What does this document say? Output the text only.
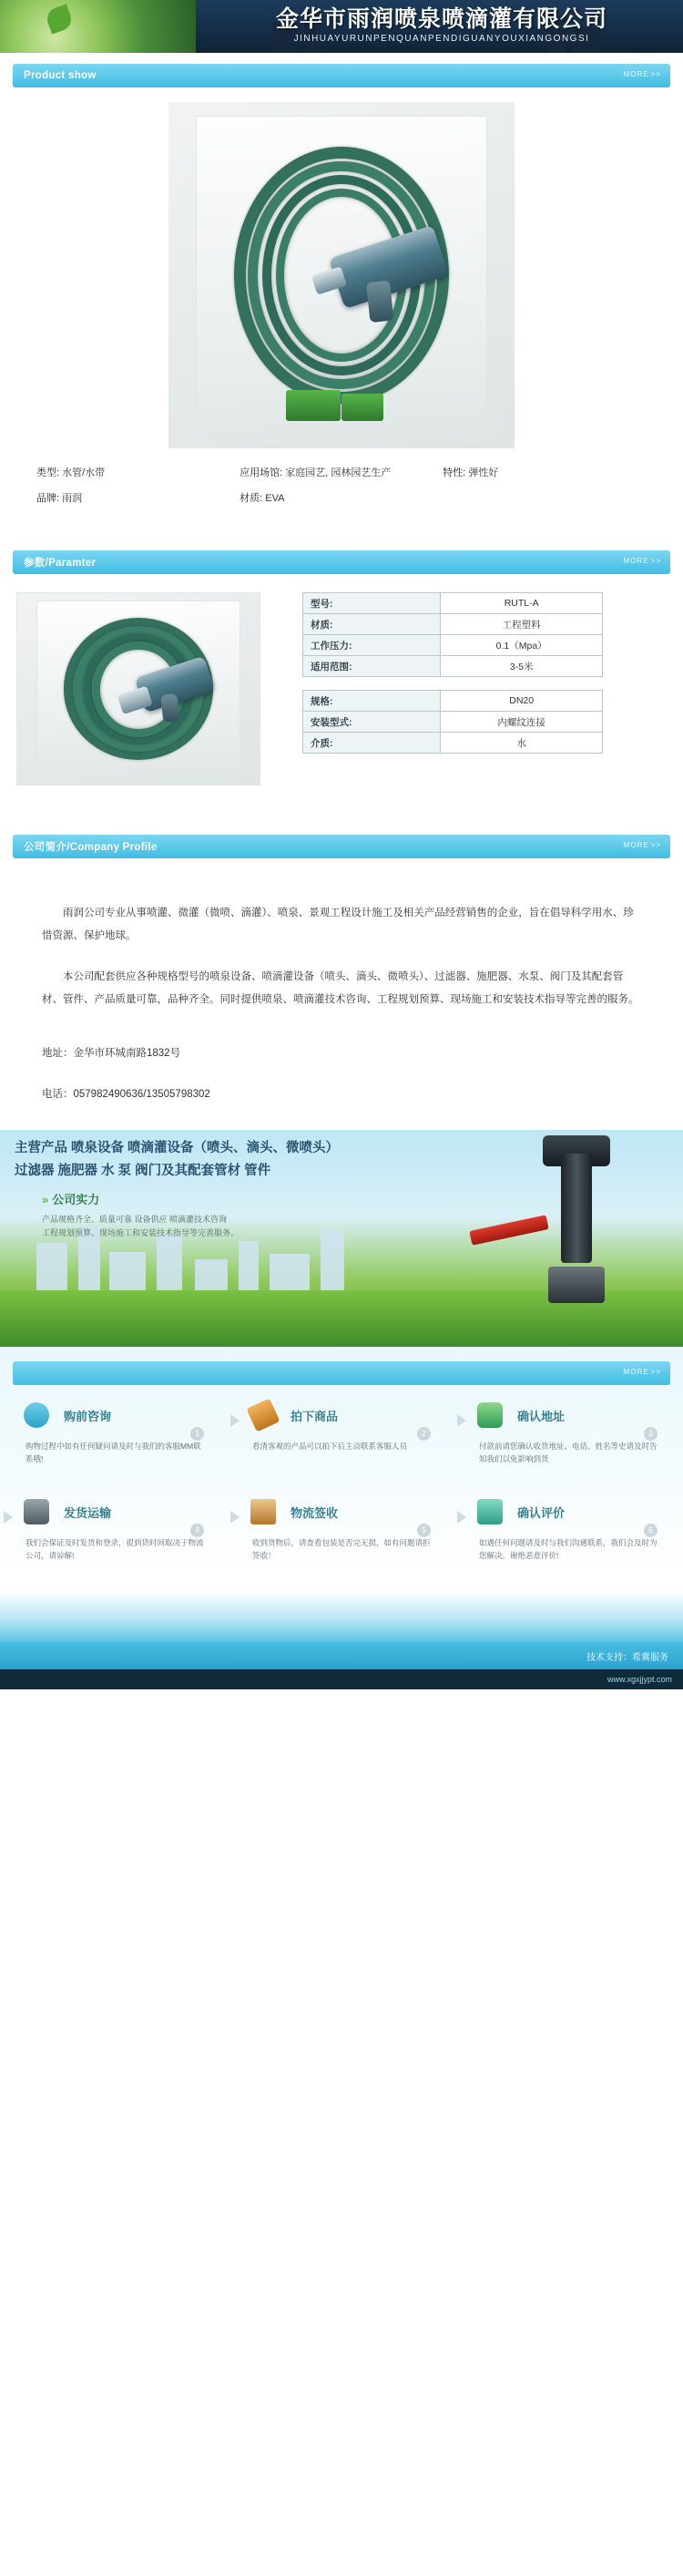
金华市雨润喷泉喷滴灌有限公司
JINHUAYURUNPENQUANPENDIGUANYOUXIANGONGSI
Product show	MORE >>
类型: 水管/水带	应用场馆: 家庭园艺, 园林园艺生产	特性: 弹性好
品牌: 雨润	材质: EVA
参数/Paramter	MORE >>
型号:	RUTL-A
材质:	工程塑料
工作压力:	0.1（Mpa）
适用范围:	3-5米
规格:	DN20
安装型式:	内螺纹连接
介质:	水
公司简介/Company Profile	MORE >>

雨润公司专业从事喷灌、微灌（微喷、滴灌）、喷泉、景观工程设计施工及相关产品经营销售的企业，旨在倡导科学用水、珍惜资源、保护地球。

本公司配套供应各种规格型号的喷泉设备、喷滴灌设备（喷头、滴头、微喷头）、过滤器、施肥器、水泵、阀门及其配套管材、管件、产品质量可靠，品种齐全。同时提供喷泉、喷滴灌技术咨询、工程规划预算、现场施工和安装技术指导等完善的服务。

地址：金华市环城南路1832号

电话：057982490636/13505798302

主营产品 喷泉设备 喷滴灌设备（喷头、滴头、微喷头）
过滤器 施肥器 水 泵 阀门及其配套管材 管件
» 公司实力
产品规格齐全、质量可靠 设备供应 喷滴灌技术咨询
工程规划预算、现场施工和安装技术指导等完善服务。

MORE >>
购前咨询
1
购物过程中如有任何疑问请及时与我们的客服MM联系哦!
拍下商品
2
看清客观的产品可以拍下后主动联系客服人员
确认地址
3
付款前请您确认收货地址、电话、姓名等史请及时告知我们以免影响到货
发货运输
4
我们会保证及时发货和登录，很到货时间取决于物流公司，请谅解!
物流签收
5
收到货物后，请查看包装是否完无损，如有问题请拒签收！
确认评价
6
如遇任何问题请及时与我们沟通联系，我们会及时为您解决。谢绝恶意评价!
技术支持：希冀服务
www.xgxjjypt.com
